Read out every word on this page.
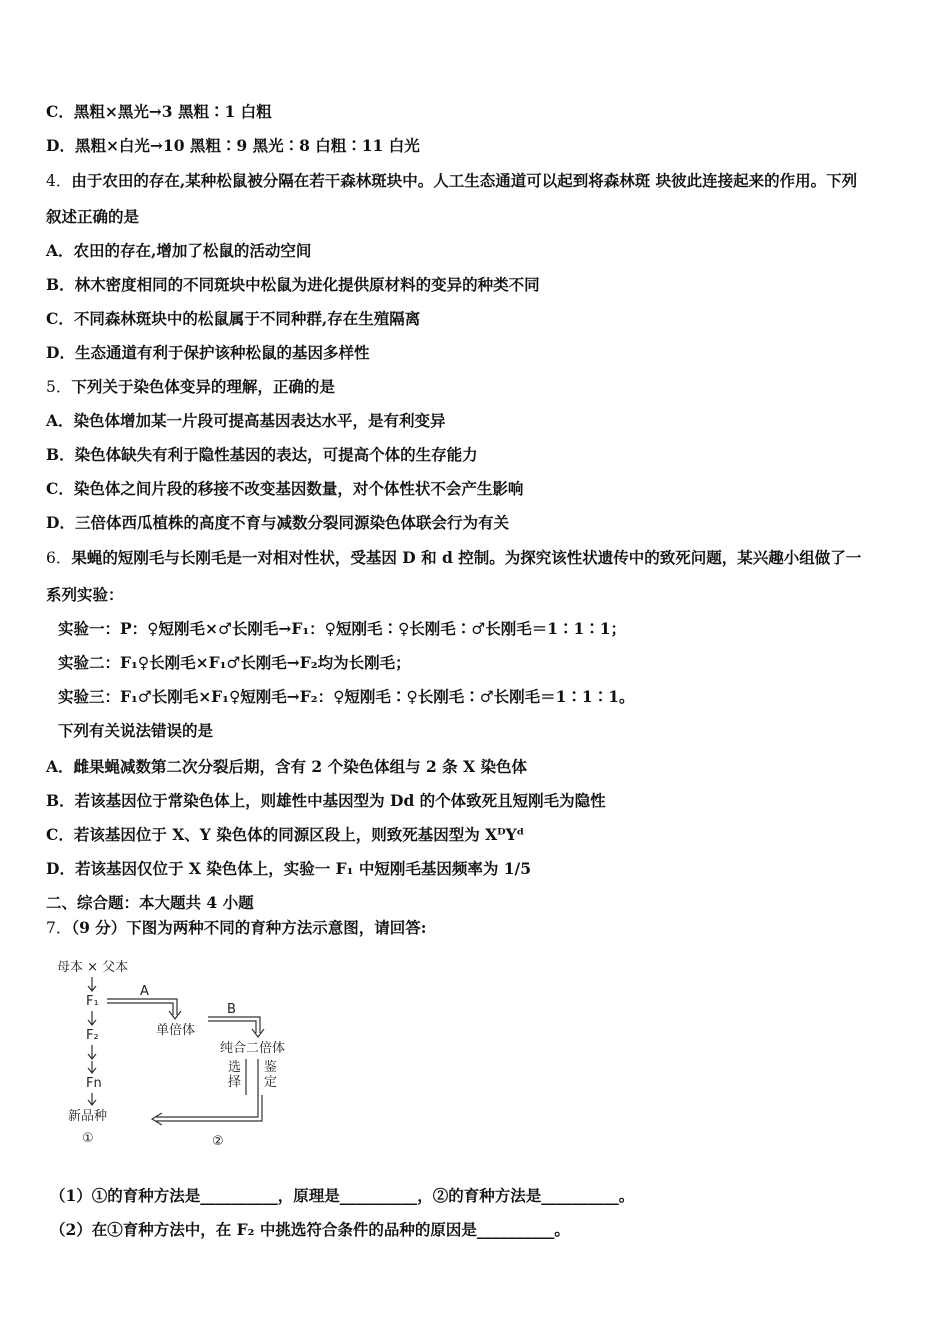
C．黑粗×黑光→3 黑粗∶1 白粗
D．黑粗×白光→10 黑粗∶9 黑光∶8 白粗∶11 白光
4．由于农田的存在,某种松鼠被分隔在若干森林斑块中。人工生态通道可以起到将森林斑 块彼此连接起来的作用。下列
叙述正确的是
A．农田的存在,增加了松鼠的活动空间
B．林木密度相同的不同斑块中松鼠为进化提供原材料的变异的种类不同
C．不同森林斑块中的松鼠属于不同种群,存在生殖隔离
D．生态通道有利于保护该种松鼠的基因多样性
5．下列关于染色体变异的理解，正确的是
A．染色体增加某一片段可提高基因表达水平，是有利变异
B．染色体缺失有利于隐性基因的表达，可提高个体的生存能力
C．染色体之间片段的移接不改变基因数量，对个体性状不会产生影响
D．三倍体西瓜植株的高度不育与减数分裂同源染色体联会行为有关
6．果蝇的短刚毛与长刚毛是一对相对性状，受基因 D 和 d 控制。为探究该性状遗传中的致死问题，某兴趣小组做了一
系列实验：
实验一：P：♀短刚毛×♂长刚毛→F₁：♀短刚毛∶♀长刚毛∶♂长刚毛＝1∶1∶1；
实验二：F₁♀长刚毛×F₁♂长刚毛→F₂均为长刚毛；
实验三：F₁♂长刚毛×F₁♀短刚毛→F₂：♀短刚毛∶♀长刚毛∶♂长刚毛＝1∶1∶1。
下列有关说法错误的是
A．雌果蝇减数第二次分裂后期，含有 2 个染色体组与 2 条 X 染色体
B．若该基因位于常染色体上，则雄性中基因型为 Dd 的个体致死且短刚毛为隐性
C．若该基因位于 X、Y 染色体的同源区段上，则致死基因型为 XᴰYᵈ
D．若该基因仅位于 X 染色体上，实验一 F₁ 中短刚毛基因频率为 1/5
二、综合题：本大题共 4 小题
7．（9 分）下图为两种不同的育种方法示意图，请回答:
（1）①的育种方法是__________，原理是__________，②的育种方法是__________。
（2）在①育种方法中，在 F₂ 中挑选符合条件的品种的原因是__________。
母本 × 父本
F₁
F₂
Fn
新品种
①
A
单倍体
B
纯合二倍体
选
择
鉴
定
②
